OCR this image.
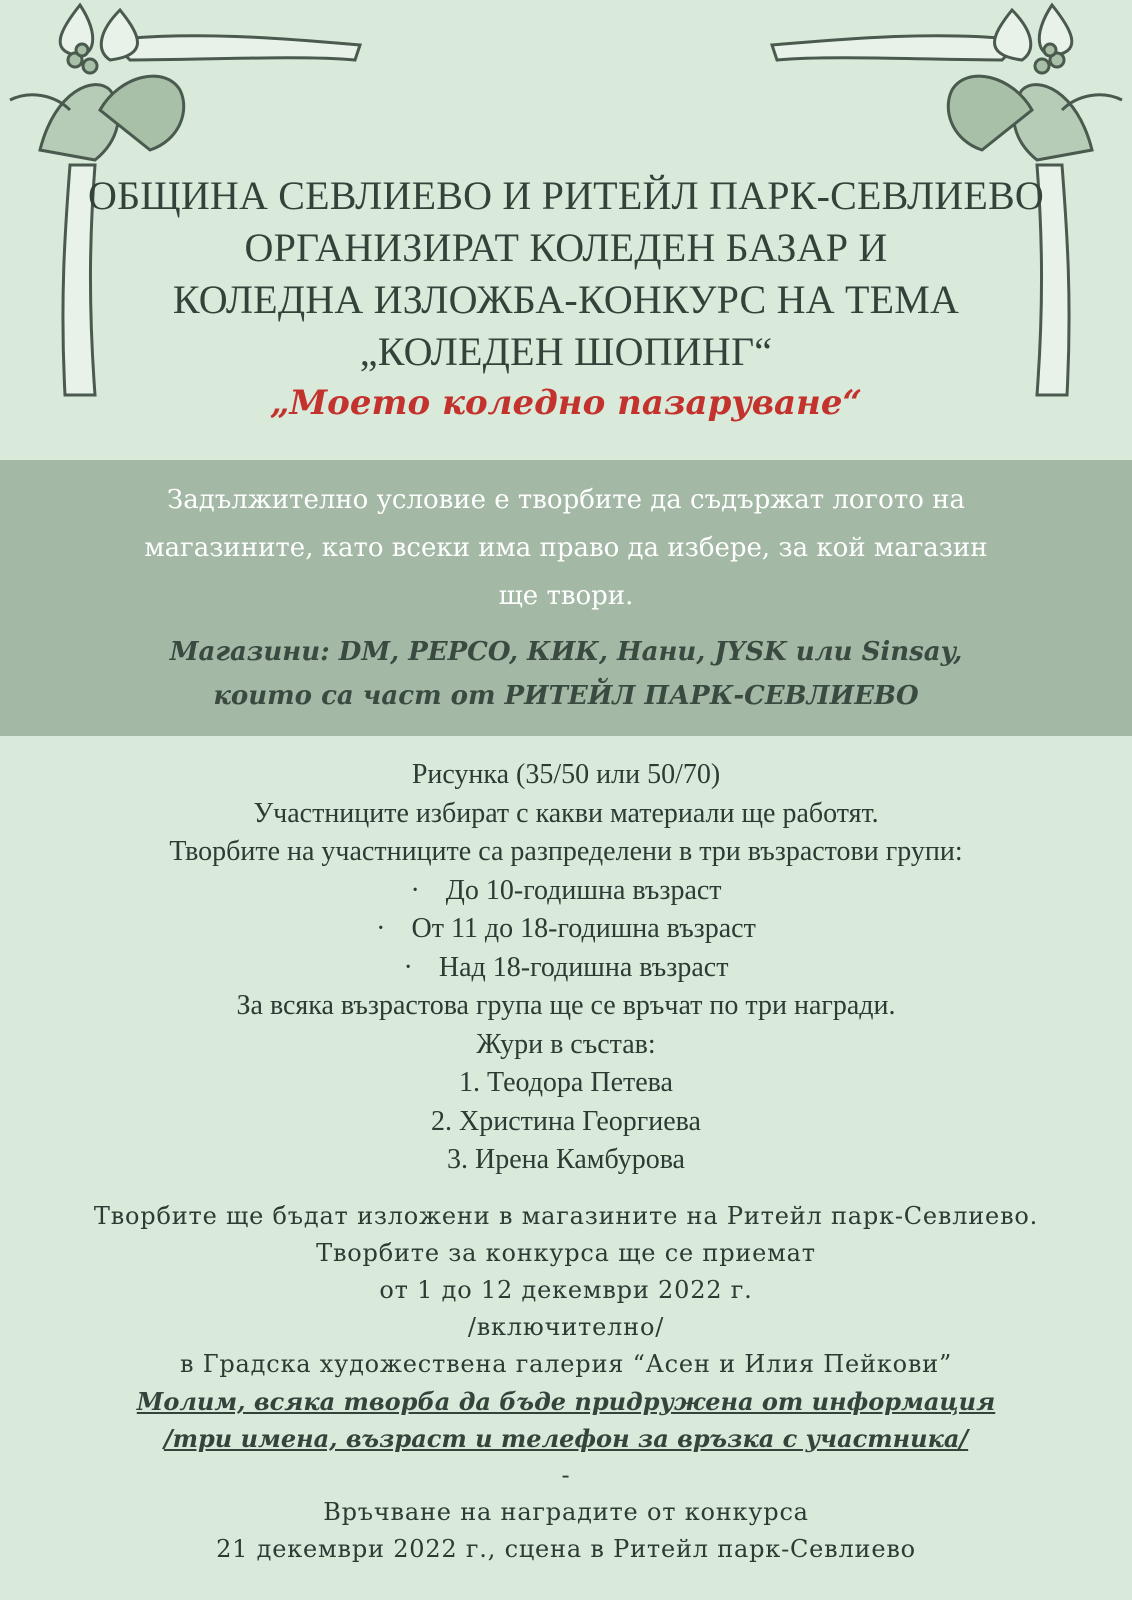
ОБЩИНА СЕВЛИЕВО И РИТЕЙЛ ПАРК-СЕВЛИЕВО
ОРГАНИЗИРАТ КОЛЕДЕН БАЗАР И
КОЛЕДНА ИЗЛОЖБА-КОНКУРС НА ТЕМА
„КОЛЕДЕН ШОПИНГ“
„Моето коледно пазаруване“
Задължително условие е творбите да съдържат логото на
магазините, като всеки има право да избере, за кой магазин
ще твори.
Магазини: DM, PEPCO, КИК, Нани, JYSK или Sinsay,
които са част от РИТЕЙЛ ПАРК-СЕВЛИЕВО
Рисунка (35/50 или 50/70)
Участниците избират с какви материали ще работят.
Творбите на участниците са разпределени в три възрастови групи:
· До 10-годишна възраст
· От 11 до 18-годишна възраст
· Над 18-годишна възраст
За всяка възрастова група ще се връчат по три награди.
Жури в състав:
1. Теодора Петева
2. Христина Георгиева
3. Ирена Камбурова
Творбите ще бъдат изложени в магазините на Ритейл парк-Севлиево.
Творбите за конкурса ще се приемат
от 1 до 12 декември 2022 г.
/включително/
в Градска художествена галерия “Асен и Илия Пейкови”
Молим, всяка творба да бъде придружена от информация
/три имена, възраст и телефон за връзка с участника/
-
Връчване на наградите от конкурса
21 декември 2022 г., сцена в Ритейл парк-Севлиево
